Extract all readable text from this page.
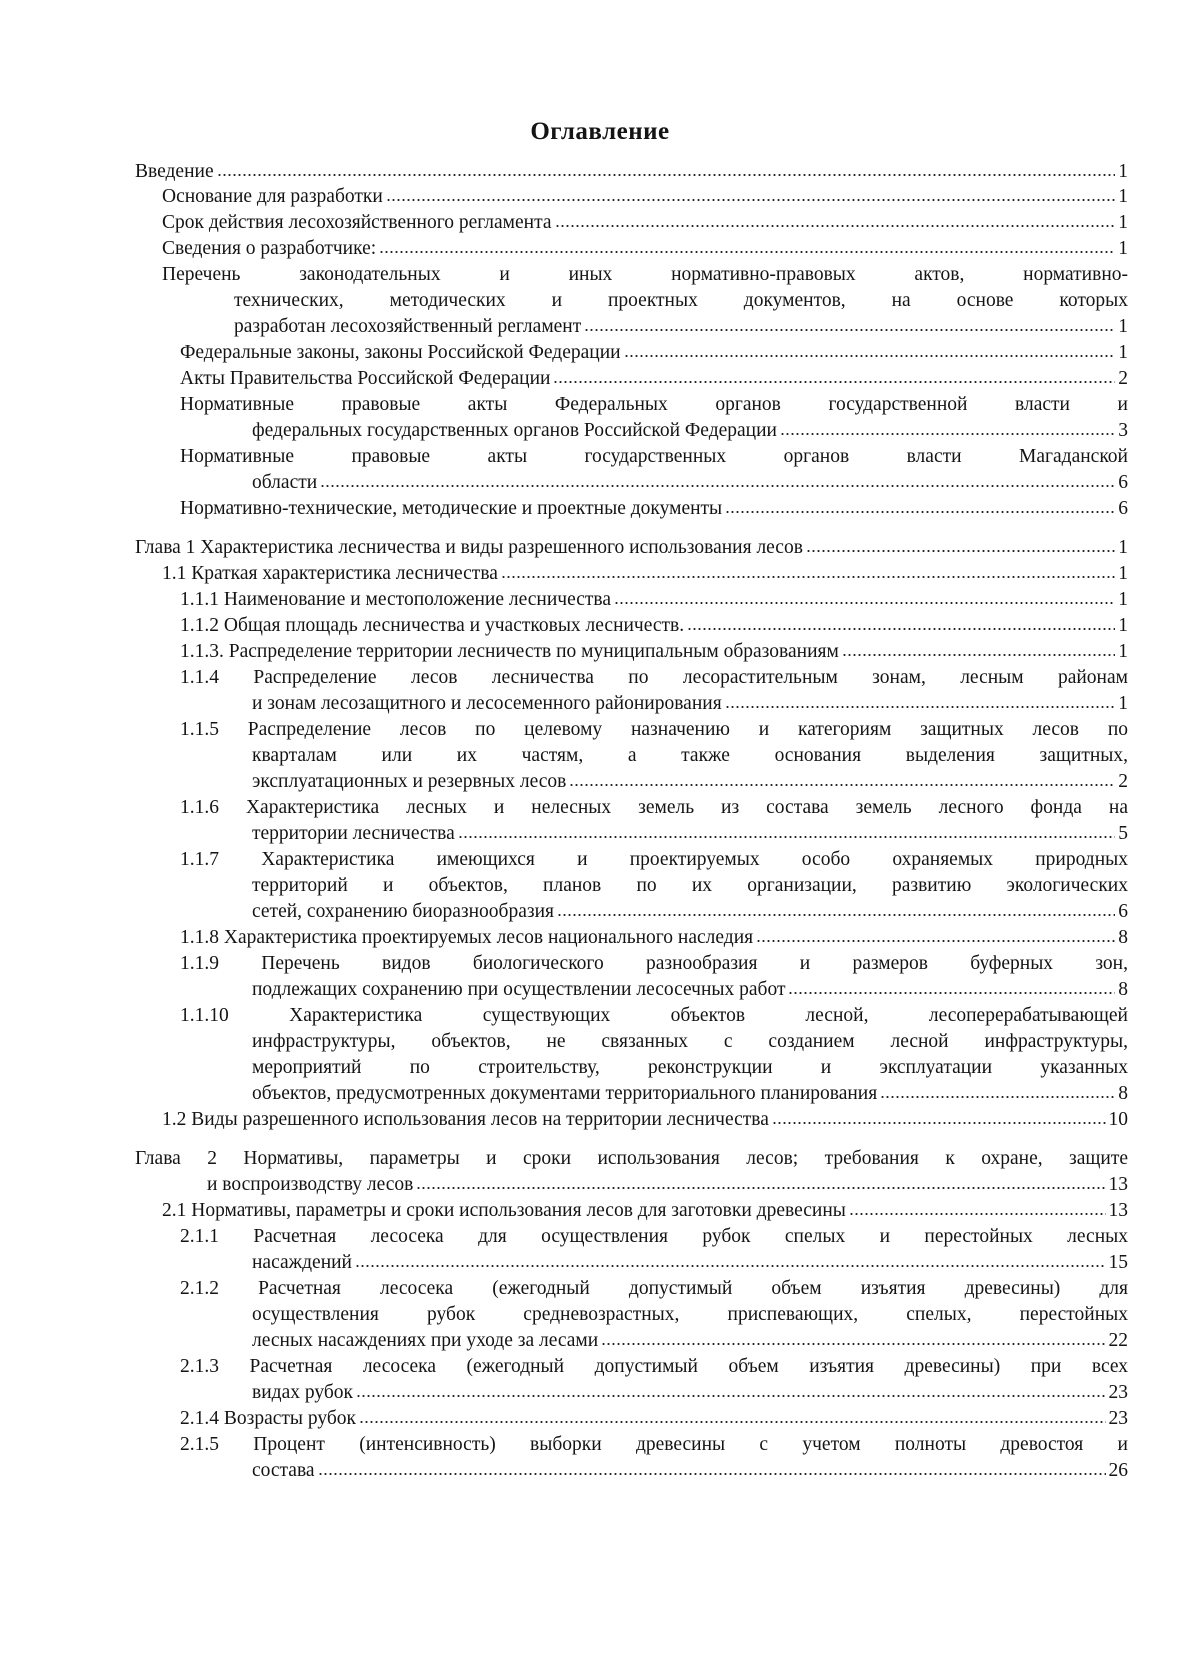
Оглавление
Введение	1
Основание для разработки	1
Срок действия лесохозяйственного регламента	1
Сведения о разработчике:	1
Перечень законодательных и иных нормативно-правовых актов, нормативно-
технических, методических и проектных документов, на основе которых
разработан лесохозяйственный регламент	1
Федеральные законы, законы Российской Федерации	1
Акты Правительства Российской Федерации	2
Нормативные правовые акты Федеральных органов государственной власти и
федеральных государственных органов Российской Федерации	3
Нормативные правовые акты государственных органов власти Магаданской
области	6
Нормативно-технические, методические и проектные документы	6
Глава 1 Характеристика лесничества и виды разрешенного использования лесов	1
1.1 Краткая характеристика лесничества	1
1.1.1 Наименование и местоположение лесничества	1
1.1.2 Общая площадь лесничества и участковых лесничеств.	1
1.1.3. Распределение территории лесничеств по муниципальным образованиям	1
1.1.4 Распределение лесов лесничества по лесорастительным зонам, лесным районам
и зонам лесозащитного и лесосеменного районирования	1
1.1.5 Распределение лесов по целевому назначению и категориям защитных лесов по
кварталам или их частям, а также основания выделения защитных,
эксплуатационных и резервных лесов	2
1.1.6 Характеристика лесных и нелесных земель из состава земель лесного фонда на
территории лесничества	5
1.1.7 Характеристика имеющихся и проектируемых особо охраняемых природных
территорий и объектов, планов по их организации, развитию экологических
сетей, сохранению биоразнообразия	6
1.1.8 Характеристика проектируемых лесов национального наследия	8
1.1.9 Перечень видов биологического разнообразия и размеров буферных зон,
подлежащих сохранению при осуществлении лесосечных работ	8
1.1.10 Характеристика существующих объектов лесной, лесоперерабатывающей
инфраструктуры, объектов, не связанных с созданием лесной инфраструктуры,
мероприятий по строительству, реконструкции и эксплуатации указанных
объектов, предусмотренных документами территориального планирования	8
1.2 Виды разрешенного использования лесов на территории лесничества	10
Глава 2 Нормативы, параметры и сроки использования лесов; требования к охране, защите
и воспроизводству лесов	13
2.1 Нормативы, параметры и сроки использования лесов для заготовки древесины	13
2.1.1 Расчетная лесосека для осуществления рубок спелых и перестойных лесных
насаждений	15
2.1.2 Расчетная лесосека (ежегодный допустимый объем изъятия древесины) для
осуществления рубок средневозрастных, приспевающих, спелых, перестойных
лесных насаждениях при уходе за лесами	22
2.1.3 Расчетная лесосека (ежегодный допустимый объем изъятия древесины) при всех
видах рубок	23
2.1.4 Возрасты рубок	23
2.1.5 Процент (интенсивность) выборки древесины с учетом полноты древостоя и
состава	26
